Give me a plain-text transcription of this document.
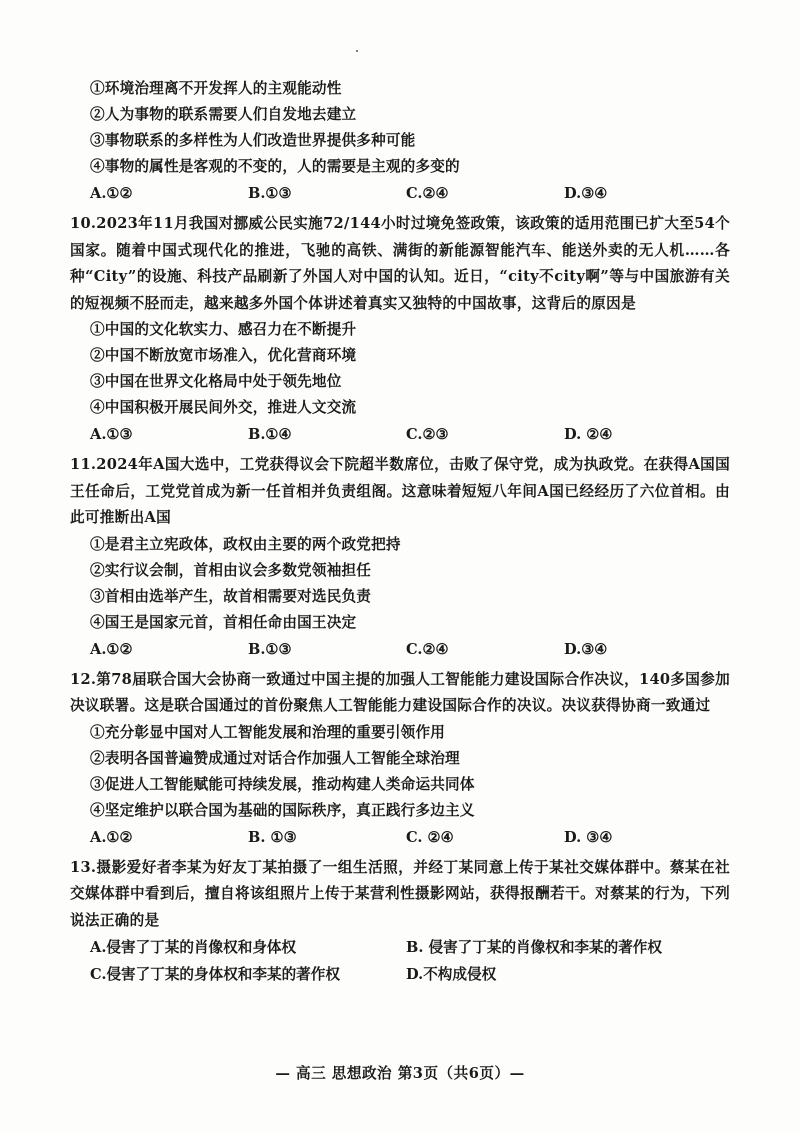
①环境治理离不开发挥人的主观能动性
②人为事物的联系需要人们自发地去建立
③事物联系的多样性为人们改造世界提供多种可能
④事物的属性是客观的不变的，人的需要是主观的多变的
A.①②	B.①③	C.②④	D.③④
10.2023年11月我国对挪威公民实施72/144小时过境免签政策，该政策的适用范围已扩大至54个国家。随着中国式现代化的推进，飞驰的高铁、满街的新能源智能汽车、能送外卖的无人机……各种“City”的设施、科技产品刷新了外国人对中国的认知。近日，“city不city啊”等与中国旅游有关的短视频不胫而走，越来越多外国个体讲述着真实又独特的中国故事，这背后的原因是
①中国的文化软实力、感召力在不断提升
②中国不断放宽市场准入，优化营商环境
③中国在世界文化格局中处于领先地位
④中国积极开展民间外交，推进人文交流
A.①③	B.①④	C.②③	D. ②④
11.2024年A国大选中，工党获得议会下院超半数席位，击败了保守党，成为执政党。在获得A国国王任命后，工党党首成为新一任首相并负责组阁。这意味着短短八年间A国已经经历了六位首相。由此可推断出A国
①是君主立宪政体，政权由主要的两个政党把持
②实行议会制，首相由议会多数党领袖担任
③首相由选举产生，故首相需要对选民负责
④国王是国家元首，首相任命由国王决定
A.①②	B.①③	C.②④	D.③④
12.第78届联合国大会协商一致通过中国主提的加强人工智能能力建设国际合作决议，140多国参加决议联署。这是联合国通过的首份聚焦人工智能能力建设国际合作的决议。决议获得协商一致通过
①充分彰显中国对人工智能发展和治理的重要引领作用
②表明各国普遍赞成通过对话合作加强人工智能全球治理
③促进人工智能赋能可持续发展，推动构建人类命运共同体
④坚定维护以联合国为基础的国际秩序，真正践行多边主义
A.①②	B. ①③	C. ②④	D. ③④
13.摄影爱好者李某为好友丁某拍摄了一组生活照，并经丁某同意上传于某社交媒体群中。蔡某在社交媒体群中看到后，擅自将该组照片上传于某营利性摄影网站，获得报酬若干。对蔡某的行为，下列说法正确的是
A.侵害了丁某的肖像权和身体权	B. 侵害了丁某的肖像权和李某的著作权
C.侵害了丁某的身体权和李某的著作权	D.不构成侵权
— 高三 思想政治 第3页（共6页）—
